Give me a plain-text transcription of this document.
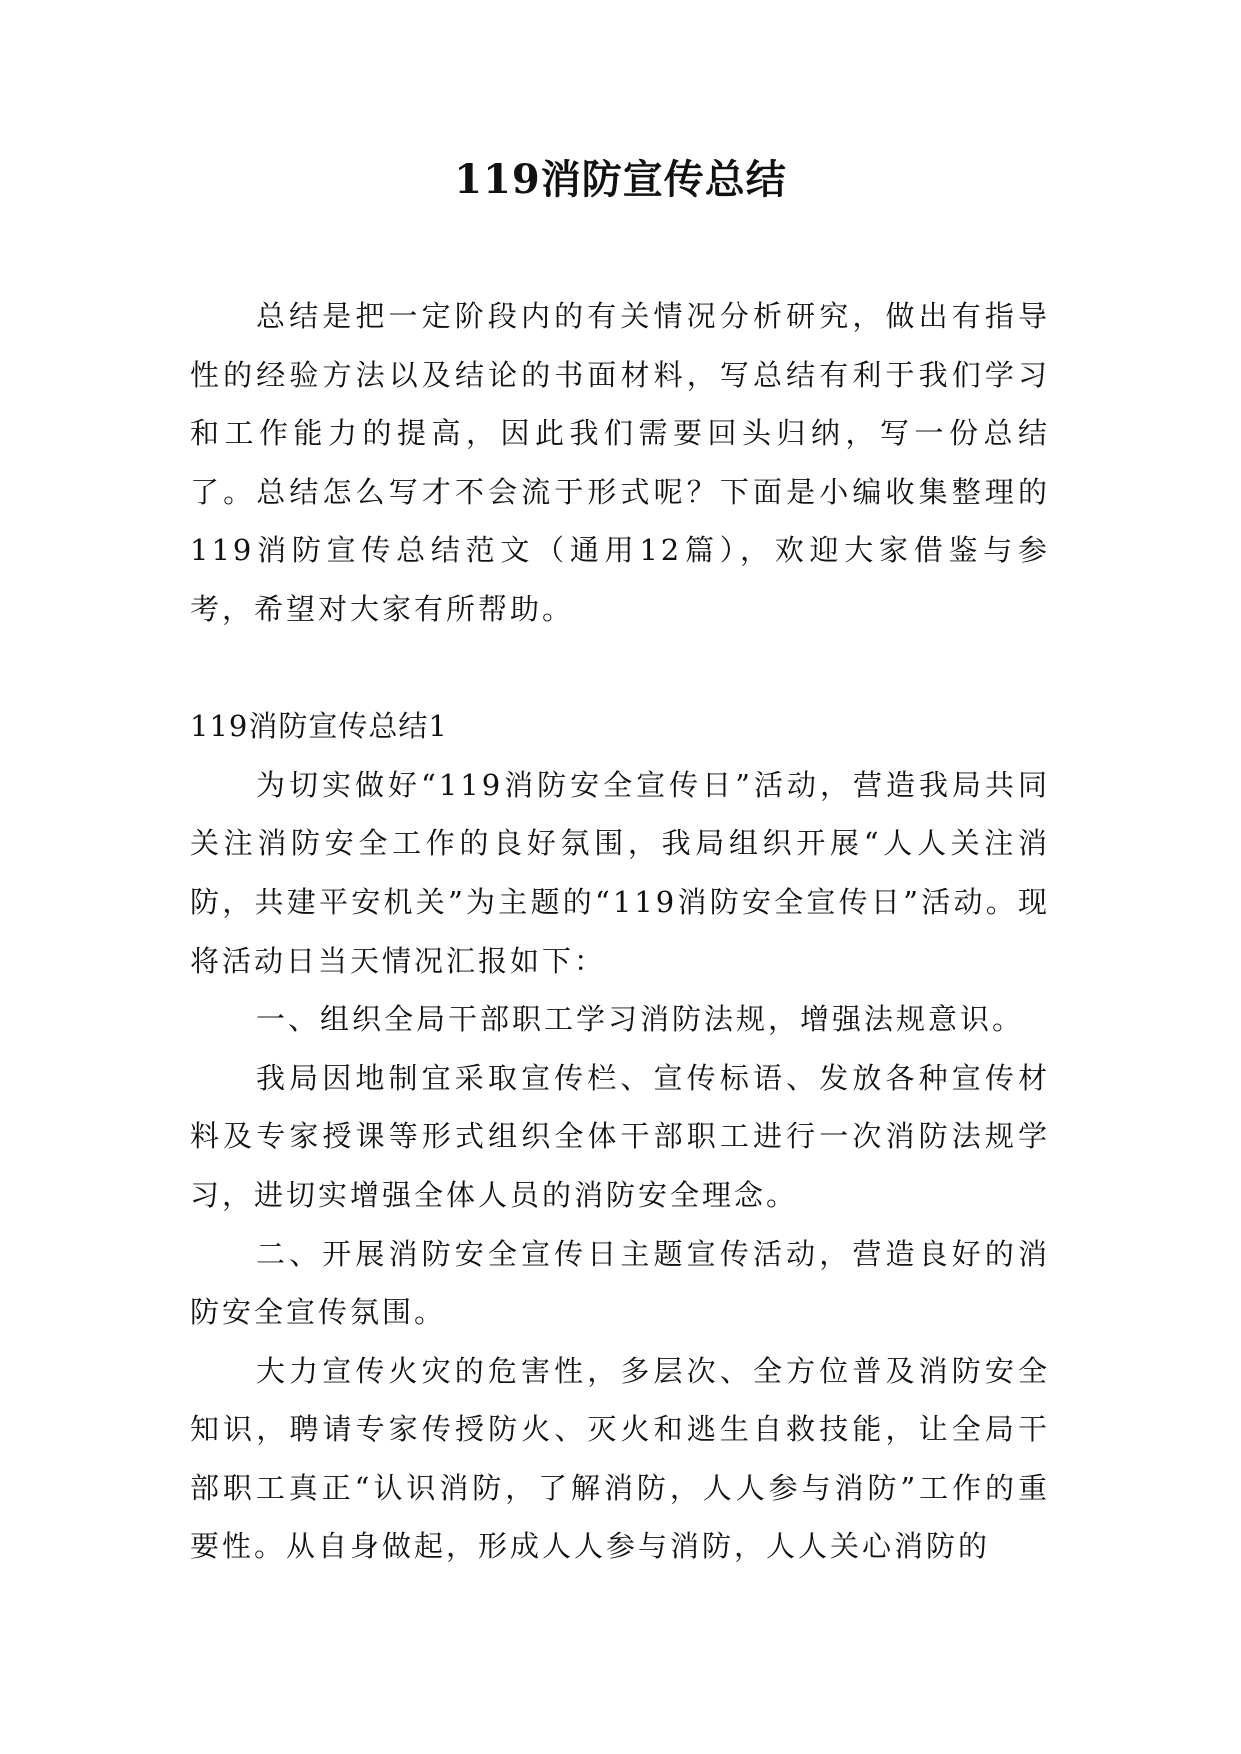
119消防宣传总结

总结是把一定阶段内的有关情况分析研究，做出有指导性的经验方法以及结论的书面材料，写总结有利于我们学习和工作能力的提高，因此我们需要回头归纳，写一份总结了。总结怎么写才不会流于形式呢？下面是小编收集整理的119消防宣传总结范文（通用12篇），欢迎大家借鉴与参考，希望对大家有所帮助。

119消防宣传总结1

为切实做好“119消防安全宣传日”活动，营造我局共同关注消防安全工作的良好氛围，我局组织开展“人人关注消防，共建平安机关”为主题的“119消防安全宣传日”活动。现将活动日当天情况汇报如下：

一、组织全局干部职工学习消防法规，增强法规意识。

我局因地制宜采取宣传栏、宣传标语、发放各种宣传材料及专家授课等形式组织全体干部职工进行一次消防法规学习，进切实增强全体人员的消防安全理念。

二、开展消防安全宣传日主题宣传活动，营造良好的消防安全宣传氛围。

大力宣传火灾的危害性，多层次、全方位普及消防安全知识，聘请专家传授防火、灭火和逃生自救技能，让全局干部职工真正“认识消防，了解消防，人人参与消防”工作的重要性。从自身做起，形成人人参与消防，人人关心消防的
